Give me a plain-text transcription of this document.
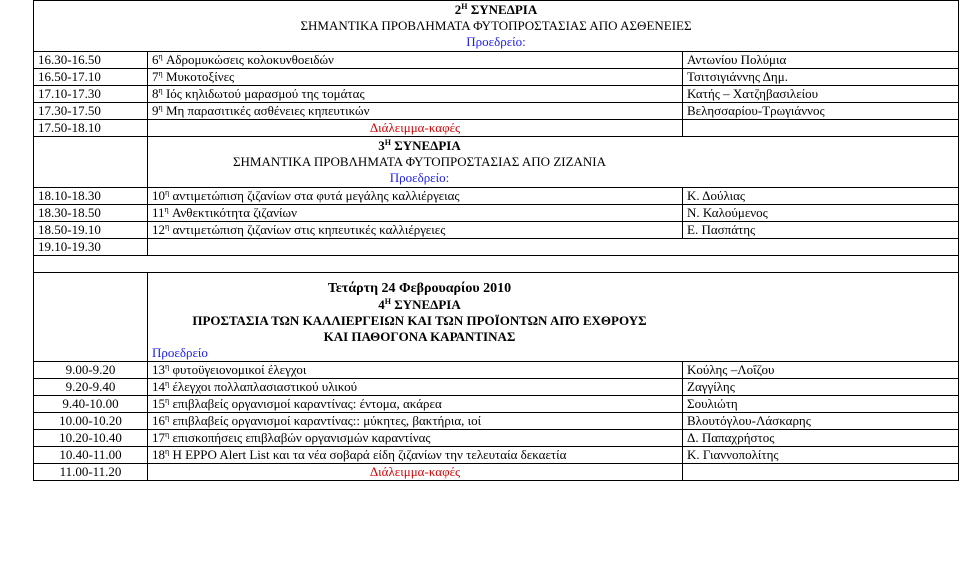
$2^H$ ΣΥΝΕΔΡΙΑ
ΣΗΜΑΝΤΙΚΑ ΠΡΟΒΛΗΜΑΤΑ ΦΥΤΟΠΡΟΣΤΑΣΙΑΣ ΑΠΟ ΑΣΘΕΝΕΙΕΣ
Προεδρείο:		

16.30-16.50	$6^\eta$ Αδρομυκώσεις κολοκυνθοειδών	Αντωνίου Πολύμια
16.50-17.10	$7^\eta$ Μυκοτοξίνες	Τσιτσιγιάννης Δημ.
17.10-17.30	$8^\eta$ Ιός κηλιδωτού μαρασμού της τομάτας	Κατής – Χατζηβασιλείου
17.30-17.50	$9^\eta$ Μη παρασιτικές ασθένειες κηπευτικών	Βελησσαρίου-Τρωγιάννος
17.50-18.10	Διάλειμμα-καφές	

	$3^H$ ΣΥΝΕΔΡΙΑ
ΣΗΜΑΝΤΙΚΑ ΠΡΟΒΛΗΜΑΤΑ ΦΥΤΟΠΡΟΣΤΑΣΙΑΣ ΑΠΟ ΖΙΖΑΝΙΑ
Προεδρείο:	

18.10-18.30	$10^\eta$ αντιμετώπιση ζιζανίων στα φυτά μεγάλης καλλιέργειας	Κ. Δούλιας
18.30-18.50	$11^\eta$ Ανθεκτικότητα ζιζανίων	Ν. Καλούμενος
18.50-19.10	$12^\eta$ αντιμετώπιση ζιζανίων στις κηπευτικές καλλιέργειες	Ε. Πασπάτης
19.10-19.30		

	Τετάρτη 24 Φεβρουαρίου 2010
$4^H$ ΣΥΝΕΔΡΙΑ
ΠΡΟΣΤΑΣΙΑ ΤΩΝ ΚΑΛΛΙΕΡΓΕΙΩΝ ΚΑΙ ΤΩΝ ΠΡΟΪΟΝΤΩΝ ΑΠΌ ΕΧΘΡΟΥΣ
ΚΑΙ ΠΑΘΟΓΟΝΑ ΚΑΡΑΝΤΙΝΑΣ
Προεδρείο	

9.00-9.20	$13^\eta$ φυτοϋγειονομικοί έλεγχοι	Κούλης –Λοΐζου
9.20-9.40	$14^\eta$ έλεγχοι πολλαπλασιαστικού υλικού	Ζαγγίλης
9.40-10.00	$15^\eta$ επιβλαβείς οργανισμοί καραντίνας: έντομα, ακάρεα	Σουλιώτη
10.00-10.20	$16^\eta$ επιβλαβείς οργανισμοί καραντίνας:: μύκητες, βακτήρια, ιοί	Βλουτόγλου-Λάσκαρης
10.20-10.40	$17^\eta$ επισκοπήσεις επιβλαβών οργανισμών καραντίνας	Δ. Παπαχρήστος
10.40-11.00	$18^\eta$ Η EPPO Alert List και τα νέα σοβαρά είδη ζιζανίων την τελευταία δεκαετία	Κ. Γιαννοπολίτης
11.00-11.20	Διάλειμμα-καφές	
